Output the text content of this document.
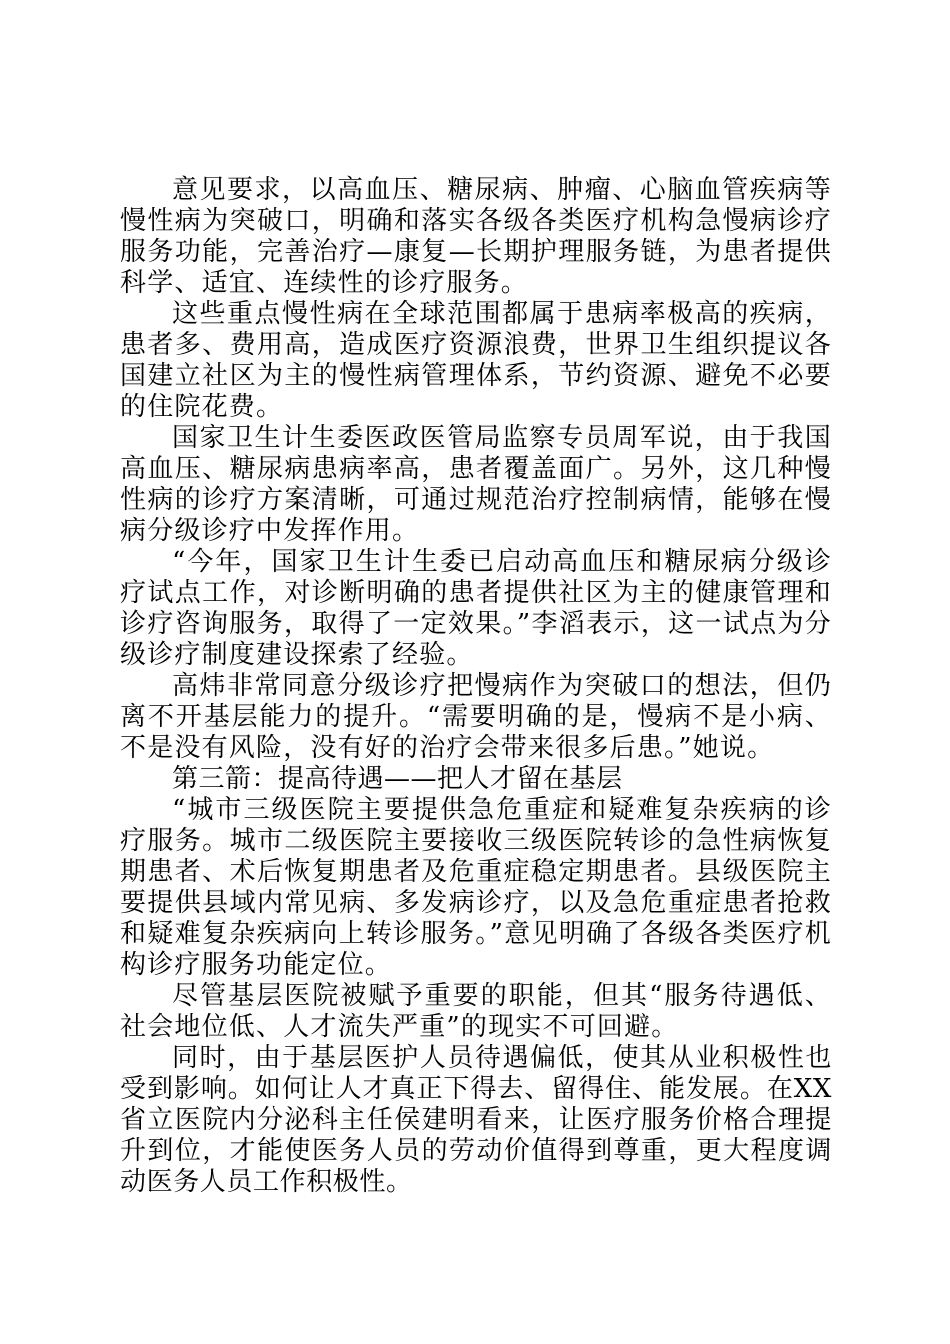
意见要求，以高血压、糖尿病、肿瘤、心脑血管疾病等慢性病为突破口，明确和落实各级各类医疗机构急慢病诊疗服务功能，完善治疗—康复—长期护理服务链，为患者提供科学、适宜、连续性的诊疗服务。

这些重点慢性病在全球范围都属于患病率极高的疾病，患者多、费用高，造成医疗资源浪费，世界卫生组织提议各国建立社区为主的慢性病管理体系，节约资源、避免不必要的住院花费。

国家卫生计生委医政医管局监察专员周军说，由于我国高血压、糖尿病患病率高，患者覆盖面广。另外，这几种慢性病的诊疗方案清晰，可通过规范治疗控制病情，能够在慢病分级诊疗中发挥作用。

“今年，国家卫生计生委已启动高血压和糖尿病分级诊疗试点工作，对诊断明确的患者提供社区为主的健康管理和诊疗咨询服务，取得了一定效果。”李滔表示，这一试点为分级诊疗制度建设探索了经验。

高炜非常同意分级诊疗把慢病作为突破口的想法，但仍离不开基层能力的提升。“需要明确的是，慢病不是小病、不是没有风险，没有好的治疗会带来很多后患。”她说。

第三箭：提高待遇——把人才留在基层

“城市三级医院主要提供急危重症和疑难复杂疾病的诊疗服务。城市二级医院主要接收三级医院转诊的急性病恢复期患者、术后恢复期患者及危重症稳定期患者。县级医院主要提供县域内常见病、多发病诊疗，以及急危重症患者抢救和疑难复杂疾病向上转诊服务。”意见明确了各级各类医疗机构诊疗服务功能定位。

尽管基层医院被赋予重要的职能，但其“服务待遇低、社会地位低、人才流失严重”的现实不可回避。

同时，由于基层医护人员待遇偏低，使其从业积极性也受到影响。如何让人才真正下得去、留得住、能发展。在XX省立医院内分泌科主任侯建明看来，让医疗服务价格合理提升到位，才能使医务人员的劳动价值得到尊重，更大程度调动医务人员工作积极性。
